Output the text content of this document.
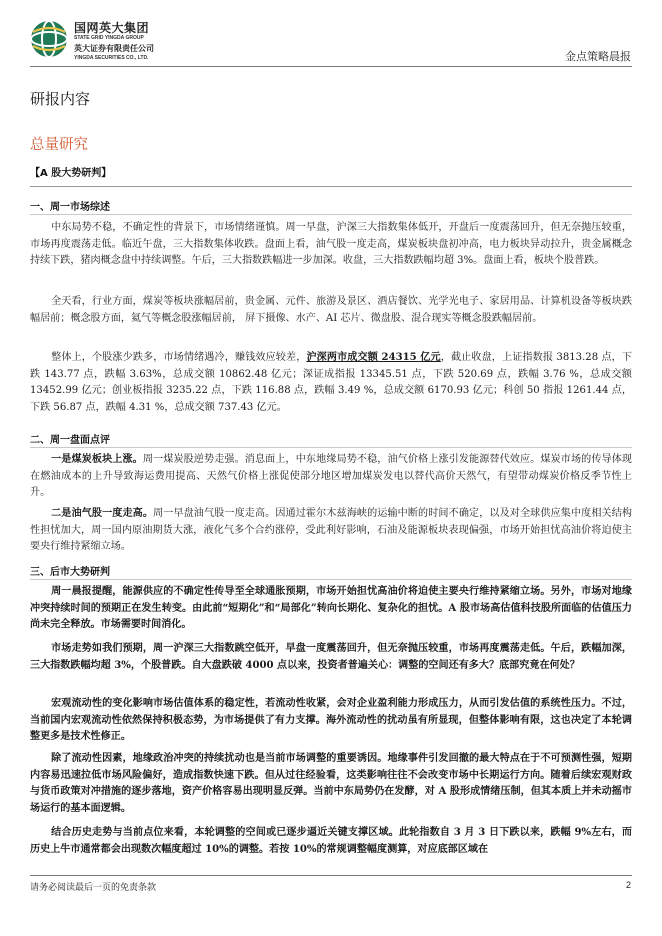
国网英大集团
STATE GRID YINGDA GROUP
英大证券有限责任公司
YINGDA SECURITIES CO., LTD.	金点策略晨报
研报内容
总量研究
【A 股大势研判】
一、周一市场综述

中东局势不稳，不确定性的背景下，市场情绪谨慎。周一早盘，沪深三大指数集体低开，开盘后一度震荡回升，但无奈抛压较重，市场再度震荡走低。临近午盘，三大指数集体收跌。盘面上看，油气股一度走高，煤炭板块盘初冲高，电力板块异动拉升，贵金属概念持续下跌，猪肉概念盘中持续调整。午后，三大指数跌幅进一步加深。收盘，三大指数跌幅均超 3%。盘面上看，板块个股普跌。

全天看，行业方面，煤炭等板块涨幅居前，贵金属、元件、旅游及景区、酒店餐饮、光学光电子、家居用品、计算机设备等板块跌幅居前；概念股方面，氦气等概念股涨幅居前， 屏下摄像、水产、AI 芯片、微盘股、混合现实等概念股跌幅居前。

整体上，个股涨少跌多，市场情绪遇冷，赚钱效应较差，沪深两市成交额 24315 亿元，截止收盘，上证指数报 3813.28 点，下跌 143.77 点，跌幅 3.63%，总成交额 10862.48 亿元；深证成指报 13345.51 点，下跌 520.69 点，跌幅 3.76 %，总成交额 13452.99 亿元；创业板指报 3235.22 点，下跌 116.88 点，跌幅 3.49 %，总成交额 6170.93 亿元；科创 50 指报 1261.44 点，下跌 56.87 点，跌幅 4.31 %，总成交额 737.43 亿元。

二、周一盘面点评

一是煤炭板块上涨。周一煤炭股逆势走强。消息面上，中东地缘局势不稳，油气价格上涨引发能源替代效应。煤炭市场的传导体现在燃油成本的上升导致海运费用提高、天然气价格上涨促使部分地区增加煤炭发电以替代高价天然气，有望带动煤炭价格反季节性上升。

二是油气股一度走高。周一早盘油气股一度走高。因通过霍尔木兹海峡的运输中断的时间不确定，以及对全球供应集中度相关结构性担忧加大，周一国内原油期货大涨，液化气多个合约涨停，受此利好影响，石油及能源板块表现偏强，市场开始担忧高油价将迫使主要央行维持紧缩立场。

三、后市大势研判

周一晨报提醒，能源供应的不确定性传导至全球通胀预期，市场开始担忧高油价将迫使主要央行维持紧缩立场。另外，市场对地缘冲突持续时间的预期正在发生转变。由此前“短期化”和“局部化”转向长期化、复杂化的担忧。A 股市场高估值科技股所面临的估值压力尚未完全释放。市场需要时间消化。

市场走势如我们预期，周一沪深三大指数跳空低开，早盘一度震荡回升，但无奈抛压较重，市场再度震荡走低。午后，跌幅加深，三大指数跌幅均超 3%，个股普跌。自大盘跌破 4000 点以来，投资者普遍关心：调整的空间还有多大？底部究竟在何处？

宏观流动性的变化影响市场估值体系的稳定性，若流动性收紧，会对企业盈利能力形成压力，从而引发估值的系统性压力。不过，当前国内宏观流动性依然保持积极态势，为市场提供了有力支撑。海外流动性的扰动虽有所显现，但整体影响有限，这也决定了本轮调整更多是技术性修正。

除了流动性因素，地缘政治冲突的持续扰动也是当前市场调整的重要诱因。地缘事件引发回撤的最大特点在于不可预测性强，短期内容易迅速拉低市场风险偏好，造成指数快速下跌。但从过往经验看，这类影响往往不会改变市场中长期运行方向。随着后续宏观财政与货币政策对冲措施的逐步落地，资产价格容易出现明显反弹。当前中东局势仍在发酵，对 A 股形成情绪压制，但其本质上并未动摇市场运行的基本面逻辑。

结合历史走势与当前点位来看，本轮调整的空间或已逐步逼近关键支撑区域。此轮指数自 3 月 3 日下跌以来，跌幅 9%左右，而历史上牛市通常都会出现数次幅度超过 10%的调整。若按 10%的常规调整幅度测算，对应底部区域在

请务必阅读最后一页的免责条款	2
